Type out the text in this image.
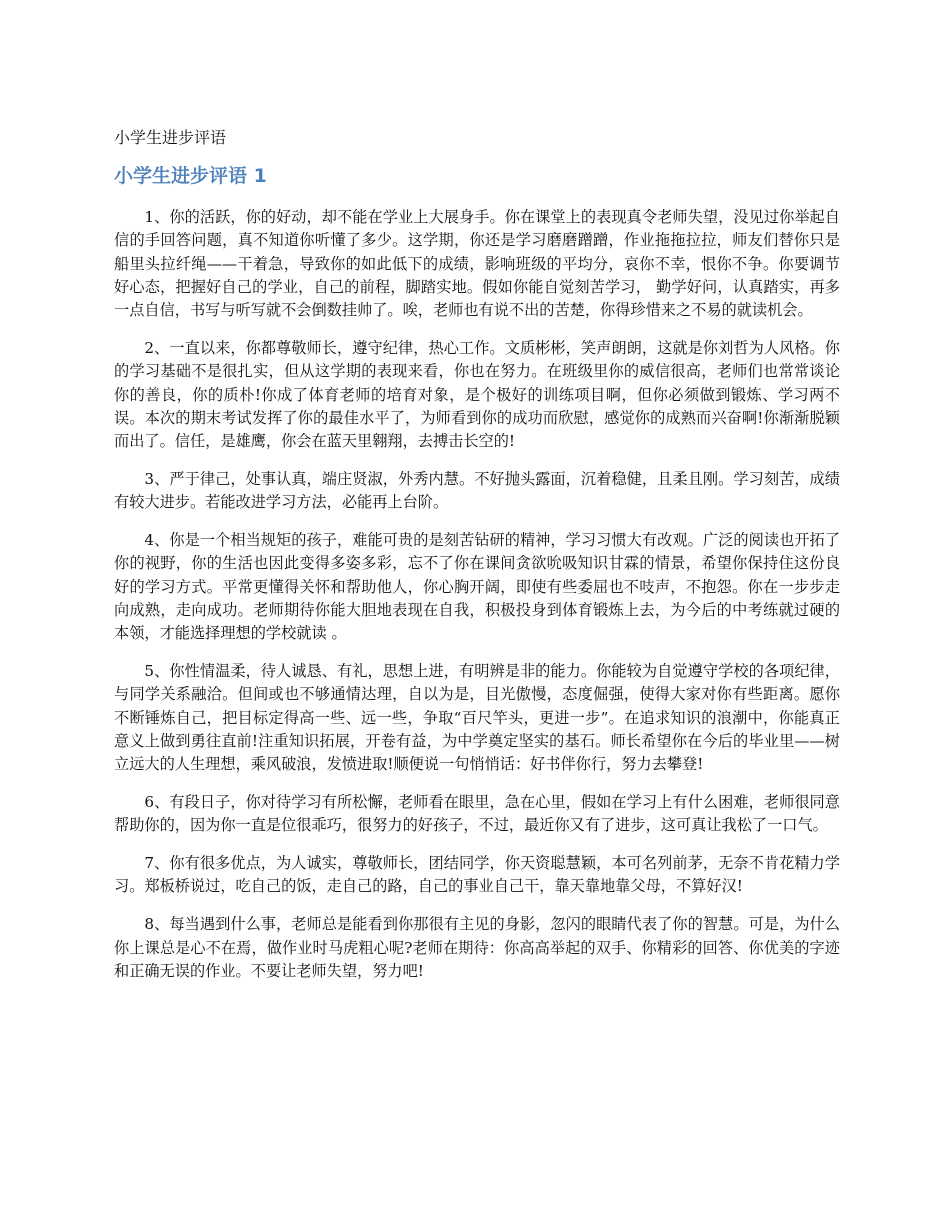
小学生进步评语
小学生进步评语 1

1、你的活跃，你的好动，却不能在学业上大展身手。你在课堂上的表现真令老师失望，没见过你举起自信的手回答问题，真不知道你听懂了多少。这学期，你还是学习磨磨蹭蹭，作业拖拖拉拉，师友们替你只是船里头拉纤绳——干着急，导致你的如此低下的成绩，影响班级的平均分，哀你不幸，恨你不争。你要调节好心态，把握好自己的学业，自己的前程，脚踏实地。假如你能自觉刻苦学习， 勤学好问，认真踏实，再多一点自信，书写与听写就不会倒数挂帅了。唉，老师也有说不出的苦楚，你得珍惜来之不易的就读机会。

2、一直以来，你都尊敬师长，遵守纪律，热心工作。文质彬彬，笑声朗朗，这就是你刘哲为人风格。你的学习基础不是很扎实，但从这学期的表现来看，你也在努力。在班级里你的威信很高，老师们也常常谈论你的善良，你的质朴!你成了体育老师的培育对象，是个极好的训练项目啊，但你必须做到锻炼、学习两不误。本次的期末考试发挥了你的最佳水平了，为师看到你的成功而欣慰，感觉你的成熟而兴奋啊!你渐渐脱颖而出了。信任，是雄鹰，你会在蓝天里翱翔，去搏击长空的!

3、严于律己，处事认真，端庄贤淑，外秀内慧。不好抛头露面，沉着稳健，且柔且刚。学习刻苦，成绩有较大进步。若能改进学习方法，必能再上台阶。

4、你是一个相当规矩的孩子，难能可贵的是刻苦钻研的精神，学习习惯大有改观。广泛的阅读也开拓了你的视野，你的生活也因此变得多姿多彩，忘不了你在课间贪欲吮吸知识甘霖的情景，希望你保持住这份良好的学习方式。平常更懂得关怀和帮助他人，你心胸开阔，即使有些委屈也不吱声，不抱怨。你在一步步走向成熟，走向成功。老师期待你能大胆地表现在自我，积极投身到体育锻炼上去，为今后的中考练就过硬的本领，才能选择理想的学校就读 。

5、你性情温柔，待人诚恳、有礼，思想上进，有明辨是非的能力。你能较为自觉遵守学校的各项纪律，与同学关系融洽。但间或也不够通情达理，自以为是，目光傲慢，态度倔强，使得大家对你有些距离。愿你不断锤炼自己，把目标定得高一些、远一些，争取“百尺竿头，更进一步”。在追求知识的浪潮中，你能真正意义上做到勇往直前!注重知识拓展，开卷有益，为中学奠定坚实的基石。师长希望你在今后的毕业里——树立远大的人生理想，乘风破浪，发愤进取!顺便说一句悄悄话：好书伴你行，努力去攀登!

6、有段日子，你对待学习有所松懈，老师看在眼里，急在心里，假如在学习上有什么困难，老师很同意帮助你的，因为你一直是位很乖巧，很努力的好孩子，不过，最近你又有了进步，这可真让我松了一口气。

7、你有很多优点，为人诚实，尊敬师长，团结同学，你天资聪慧颖，本可名列前茅，无奈不肯花精力学习。郑板桥说过，吃自己的饭，走自己的路，自己的事业自己干，靠天靠地靠父母，不算好汉!

8、每当遇到什么事，老师总是能看到你那很有主见的身影，忽闪的眼睛代表了你的智慧。可是，为什么你上课总是心不在焉，做作业时马虎粗心呢?老师在期待：你高高举起的双手、你精彩的回答、你优美的字迹和正确无误的作业。不要让老师失望，努力吧!
